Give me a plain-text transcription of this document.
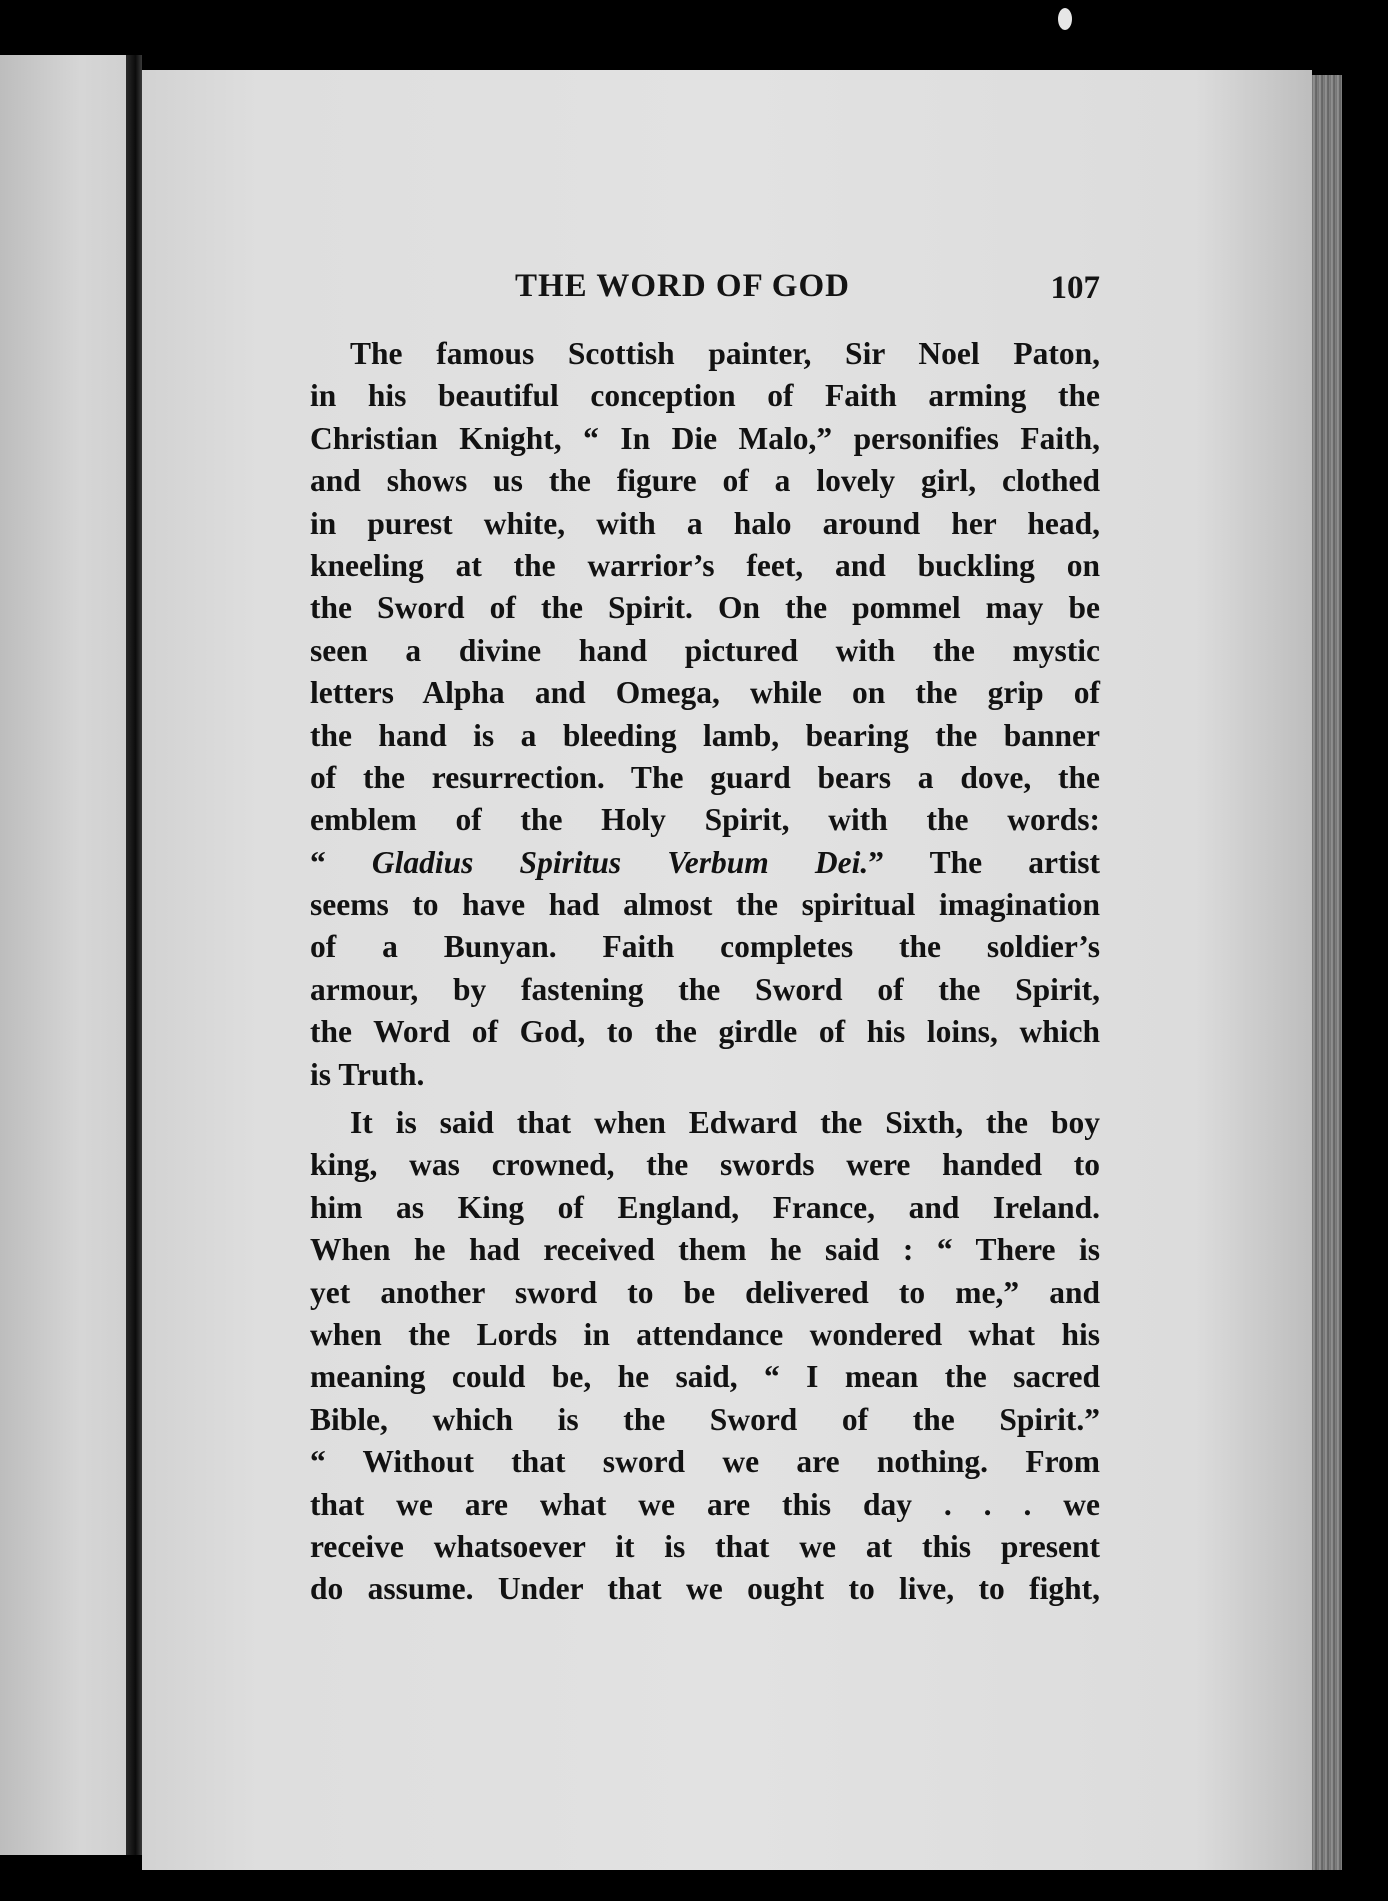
THE WORD OF GOD	107
The famous Scottish painter, Sir Noel Paton,
in his beautiful conception of Faith arming the
Christian Knight, “ In Die Malo,” personifies Faith,
and shows us the figure of a lovely girl, clothed
in purest white, with a halo around her head,
kneeling at the warrior’s feet, and buckling on
the Sword of the Spirit. On the pommel may be
seen a divine hand pictured with the mystic
letters Alpha and Omega, while on the grip of
the hand is a bleeding lamb, bearing the banner
of the resurrection. The guard bears a dove, the
emblem of the Holy Spirit, with the words:
“ Gladius Spiritus Verbum Dei.” The artist
seems to have had almost the spiritual imagination
of a Bunyan. Faith completes the soldier’s
armour, by fastening the Sword of the Spirit,
the Word of God, to the girdle of his loins, which
is Truth.
It is said that when Edward the Sixth, the boy
king, was crowned, the swords were handed to
him as King of England, France, and Ireland.
When he had received them he said : “ There is
yet another sword to be delivered to me,” and
when the Lords in attendance wondered what his
meaning could be, he said, “ I mean the sacred
Bible, which is the Sword of the Spirit.”
“ Without that sword we are nothing. From
that we are what we are this day . . . we
receive whatsoever it is that we at this present
do assume. Under that we ought to live, to fight,
